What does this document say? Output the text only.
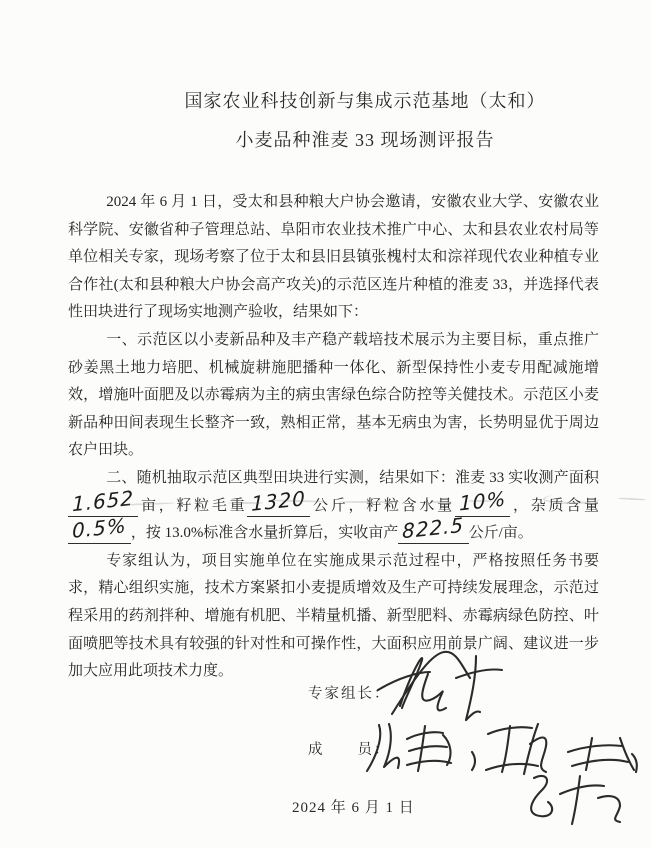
国家农业科技创新与集成示范基地（太和）
小麦品种淮麦 33 现场测评报告

2024 年 6 月 1 日，受太和县种粮大户协会邀请，安徽农业大学、安徽农业科学院、安徽省种子管理总站、阜阳市农业技术推广中心、太和县农业农村局等单位相关专家，现场考察了位于太和县旧县镇张槐村太和淙祥现代农业种植专业合作社(太和县种粮大户协会高产攻关)的示范区连片种植的淮麦 33，并选择代表性田块进行了现场实地测产验收，结果如下：

一、示范区以小麦新品种及丰产稳产载培技术展示为主要目标，重点推广砂姜黑土地力培肥、机械旋耕施肥播种一体化、新型保持性小麦专用配减施增效，增施叶面肥及以赤霉病为主的病虫害绿色综合防控等关健技术。示范区小麦新品种田间表现生长整齐一致，熟相正常，基本无病虫为害，长势明显优于周边农户田块。

二、随机抽取示范区典型田块进行实测，结果如下：淮麦 33 实收测产面积1.652 亩，籽粒毛重 1320 公斤，籽粒含水量 10% ，杂质含量0.5% ，按 13.0%标准含水量折算后，实收亩产 822.5 公斤/亩。

专家组认为，项目实施单位在实施成果示范过程中，严格按照任务书要求，精心组织实施，技术方案紧扣小麦提质增效及生产可持续发展理念，示范过程采用的药剂拌种、增施有机肥、半精量机播、新型肥料、赤霉病绿色防控、叶面喷肥等技术具有较强的针对性和可操作性，大面积应用前景广阔、建议进一步加大应用此项技术力度。

专家组长：
成　　员：
2024 年 6 月 1 日
